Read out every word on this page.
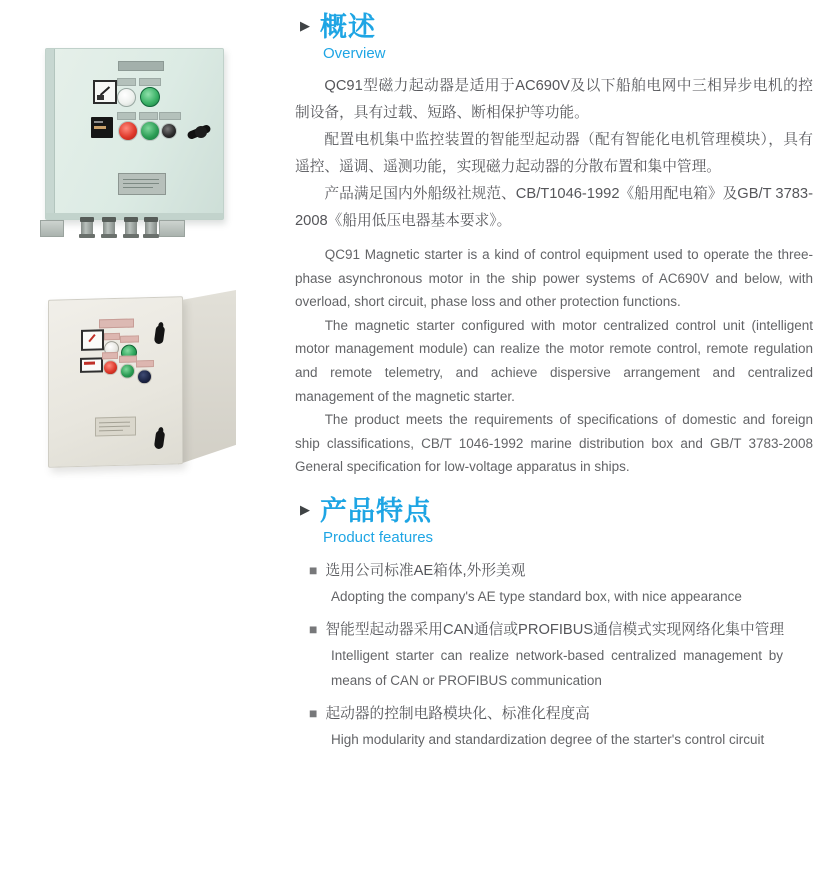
▶ 概述
Overview

QC91型磁力起动器是适用于AC690V及以下船舶电网中三相异步电机的控制设备，具有过载、短路、断相保护等功能。

配置电机集中监控装置的智能型起动器（配有智能化电机管理模块），具有遥控、遥调、遥测功能，实现磁力起动器的分散布置和集中管理。

产品满足国内外船级社规范、CB/T1046-1992《船用配电箱》及GB/T 3783-2008《船用低压电器基本要求》。

QC91 Magnetic starter is a kind of control equipment used to operate the three-phase asynchronous motor in the ship power systems of AC690V and below, with overload, short circuit, phase loss and other protection functions.

The magnetic starter configured with motor centralized control unit (intelligent motor management module) can realize the motor remote control, remote regulation and remote telemetry, and achieve dispersive arrangement and centralized management of the magnetic starter.

The product meets the requirements of specifications of domestic and foreign ship classifications, CB/T 1046-1992 marine distribution box and GB/T 3783-2008 General specification for low-voltage apparatus in ships.

▶ 产品特点
Product features
■ 选用公司标准AE箱体,外形美观
Adopting the company's AE type standard box, with nice appearance
■ 智能型起动器采用CAN通信或PROFIBUS通信模式实现网络化集中管理
Intelligent starter can realize network-based centralized management by means of CAN or PROFIBUS communication
■ 起动器的控制电路模块化、标准化程度高
High modularity and standardization degree of the starter's control circuit
